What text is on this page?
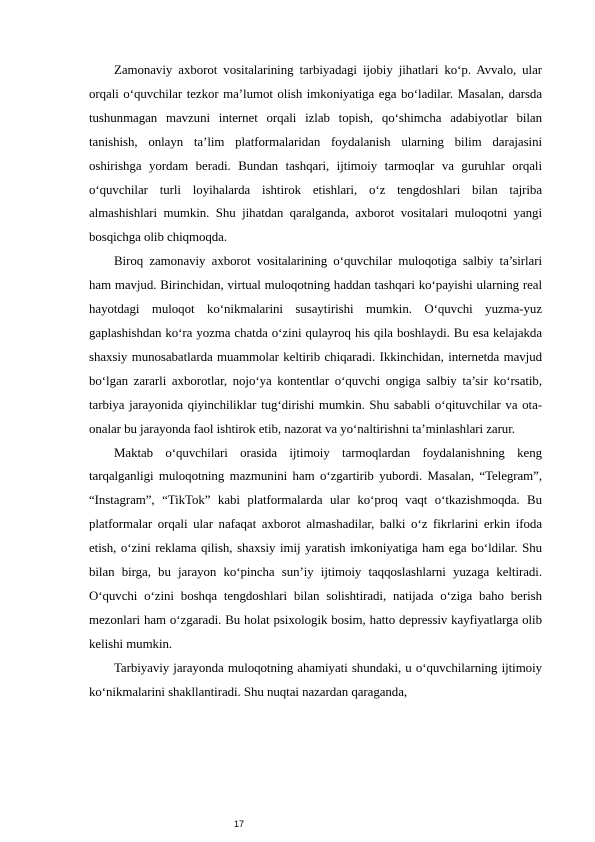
Zamonaviy axborot vositalarining tarbiyadagi ijobiy jihatlari ko‘p. Avvalo, ular orqali o‘quvchilar tezkor ma’lumot olish imkoniyatiga ega bo‘ladilar. Masalan, darsda tushunmagan mavzuni internet orqali izlab topish, qo‘shimcha adabiyotlar bilan tanishish, onlayn ta’lim platformalaridan foydalanish ularning bilim darajasini oshirishga yordam beradi. Bundan tashqari, ijtimoiy tarmoqlar va guruhlar orqali o‘quvchilar turli loyihalarda ishtirok etishlari, o‘z tengdoshlari bilan tajriba almashishlari mumkin. Shu jihatdan qaralganda, axborot vositalari muloqotni yangi bosqichga olib chiqmoqda.

Biroq zamonaviy axborot vositalarining o‘quvchilar muloqotiga salbiy ta’sirlari ham mavjud. Birinchidan, virtual muloqotning haddan tashqari ko‘payishi ularning real hayotdagi muloqot ko‘nikmalarini susaytirishi mumkin. O‘quvchi yuzma-yuz gaplashishdan ko‘ra yozma chatda o‘zini qulayroq his qila boshlaydi. Bu esa kelajakda shaxsiy munosabatlarda muammolar keltirib chiqaradi. Ikkinchidan, internetda mavjud bo‘lgan zararli axborotlar, nojo‘ya kontentlar o‘quvchi ongiga salbiy ta’sir ko‘rsatib, tarbiya jarayonida qiyinchiliklar tug‘dirishi mumkin. Shu sababli o‘qituvchilar va ota-onalar bu jarayonda faol ishtirok etib, nazorat va yo‘naltirishni ta’minlashlari zarur.

Maktab o‘quvchilari orasida ijtimoiy tarmoqlardan foydalanishning keng tarqalganligi muloqotning mazmunini ham o‘zgartirib yubordi. Masalan, “Telegram”, “Instagram”, “TikTok” kabi platformalarda ular ko‘proq vaqt o‘tkazishmoqda. Bu platformalar orqali ular nafaqat axborot almashadilar, balki o‘z fikrlarini erkin ifoda etish, o‘zini reklama qilish, shaxsiy imij yaratish imkoniyatiga ham ega bo‘ldilar. Shu bilan birga, bu jarayon ko‘pincha sun’iy ijtimoiy taqqoslashlarni yuzaga keltiradi. O‘quvchi o‘zini boshqa tengdoshlari bilan solishtiradi, natijada o‘ziga baho berish mezonlari ham o‘zgaradi. Bu holat psixologik bosim, hatto depressiv kayfiyatlarga olib kelishi mumkin.

Tarbiyaviy jarayonda muloqotning ahamiyati shundaki, u o‘quvchilarning ijtimoiy ko‘nikmalarini shakllantiradi. Shu nuqtai nazardan qaraganda,

17
